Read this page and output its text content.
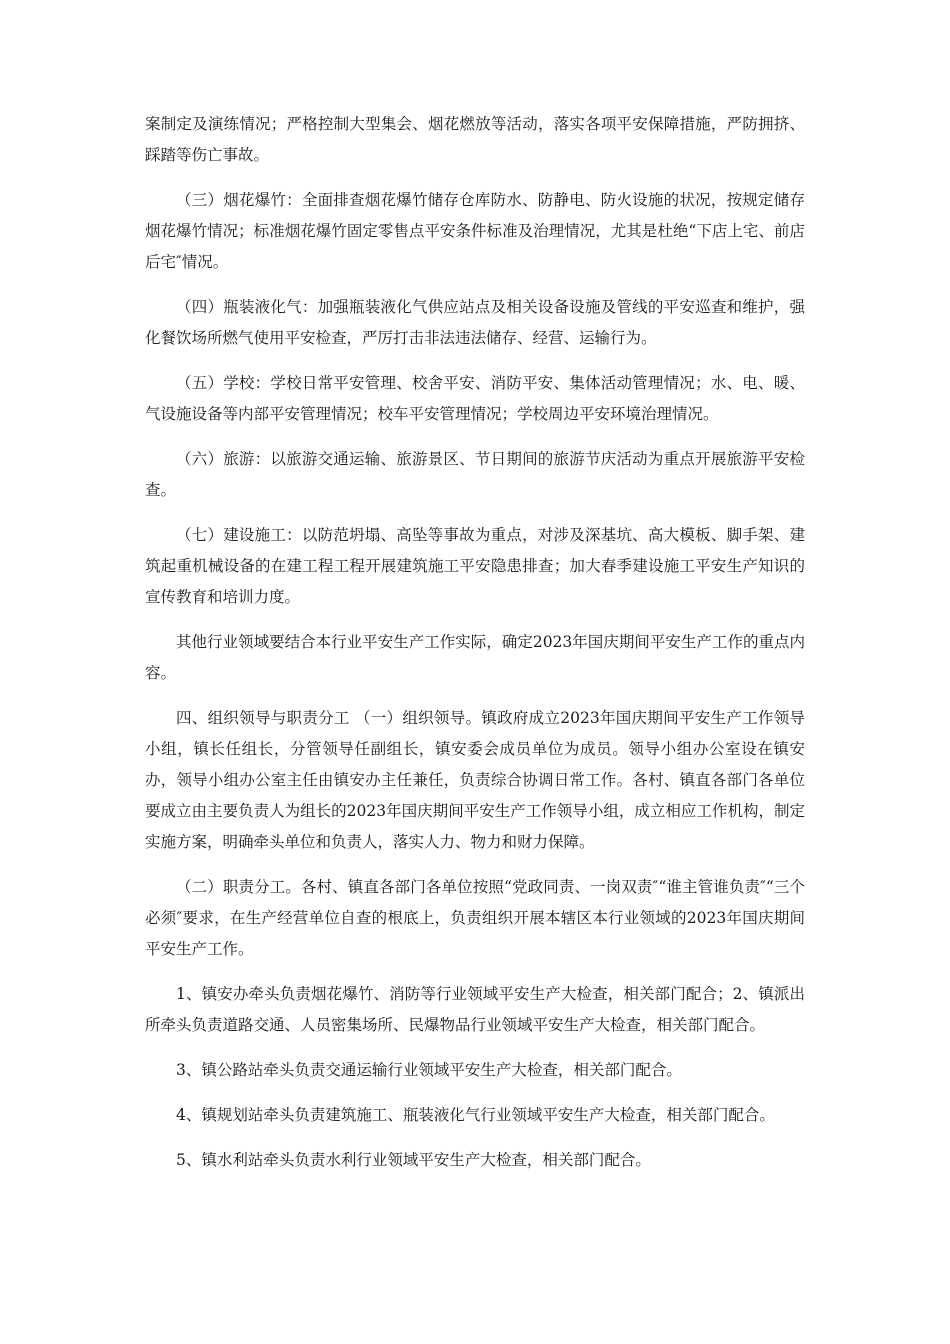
案制定及演练情况；严格控制大型集会、烟花燃放等活动，落实各项平安保障措施，严防拥挤、踩踏等伤亡事故。

（三）烟花爆竹：全面排查烟花爆竹储存仓库防水、防静电、防火设施的状况，按规定储存烟花爆竹情况；标准烟花爆竹固定零售点平安条件标准及治理情况，尤其是杜绝“下店上宅、前店后宅″情况。

（四）瓶装液化气：加强瓶装液化气供应站点及相关设备设施及管线的平安巡查和维护，强化餐饮场所燃气使用平安检查，严厉打击非法违法储存、经营、运输行为。

（五）学校：学校日常平安管理、校舍平安、消防平安、集体活动管理情况；水、电、暖、气设施设备等内部平安管理情况；校车平安管理情况；学校周边平安环境治理情况。

（六）旅游：以旅游交通运输、旅游景区、节日期间的旅游节庆活动为重点开展旅游平安检查。

（七）建设施工：以防范坍塌、高坠等事故为重点，对涉及深基坑、高大模板、脚手架、建筑起重机械设备的在建工程工程开展建筑施工平安隐患排查；加大春季建设施工平安生产知识的宣传教育和培训力度。

其他行业领域要结合本行业平安生产工作实际，确定2023年国庆期间平安生产工作的重点内容。

四、组织领导与职责分工 （一）组织领导。镇政府成立2023年国庆期间平安生产工作领导小组，镇长任组长，分管领导任副组长，镇安委会成员单位为成员。领导小组办公室设在镇安办，领导小组办公室主任由镇安办主任兼任，负责综合协调日常工作。各村、镇直各部门各单位要成立由主要负责人为组长的2023年国庆期间平安生产工作领导小组，成立相应工作机构，制定实施方案，明确牵头单位和负责人，落实人力、物力和财力保障。

（二）职责分工。各村、镇直各部门各单位按照“党政同责、一岗双责″“谁主管谁负责″“三个必须″要求，在生产经营单位自查的根底上，负责组织开展本辖区本行业领域的2023年国庆期间平安生产工作。

1、镇安办牵头负责烟花爆竹、消防等行业领域平安生产大检查，相关部门配合；2、镇派出所牵头负责道路交通、人员密集场所、民爆物品行业领域平安生产大检查，相关部门配合。

3、镇公路站牵头负责交通运输行业领域平安生产大检查，相关部门配合。

4、镇规划站牵头负责建筑施工、瓶装液化气行业领域平安生产大检查，相关部门配合。

5、镇水利站牵头负责水利行业领域平安生产大检查，相关部门配合。
